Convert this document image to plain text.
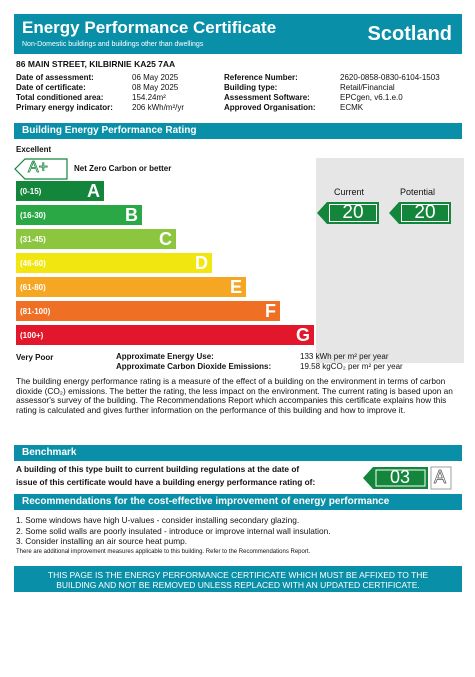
Energy Performance Certificate
Non-Domestic buildings and buildings other than dwellings	Scotland
86 MAIN STREET, KILBIRNIE KA25 7AA
Date of assessment:	06 May 2025
Date of certificate:	08 May 2025
Total conditioned area:	154.24m²
Primary energy indicator:	206 kWh/m²/yr
Reference Number:	2620-0858-0830-6104-1503
Building type:	Retail/Financial
Assessment Software:	EPCgen, v6.1.e.0
Approved Organisation:	ECMK
Building Energy Performance Rating
Current	Potential
20	20
Excellent
A+	Net Zero Carbon or better
(0-15)	A
(16-30)	B
(31-45)	C
(46-60)	D
(61-80)	E
(81-100)	F
(100+)	G
Very Poor	Approximate Energy Use:	133 kWh per m² per year
Approximate Carbon Dioxide Emissions:	19.58 kgCO₂ per m² per year
The building energy performance rating is a measure of the effect of a building on the environment in terms of carbon dioxide (CO₂) emissions. The better the rating, the less impact on the environment. The current rating is based upon an assessor's survey of the building. The Recommendations Report which accompanies this certificate explains how this rating is calculated and gives further information on the performance of this building and how to improve it.
Benchmark
A building of this type built to current building regulations at the date of
issue of this certificate would have a building energy performance rating of:	03 A
Recommendations for the cost-effective improvement of energy performance
1. Some windows have high U-values - consider installing secondary glazing.
2. Some solid walls are poorly insulated - introduce or improve internal wall insulation.
3. Consider installing an air source heat pump.
There are additional improvement measures applicable to this building. Refer to the Recommendations Report.
THIS PAGE IS THE ENERGY PERFORMANCE CERTIFICATE WHICH MUST BE AFFIXED TO THE
BUILDING AND NOT BE REMOVED UNLESS REPLACED WITH AN UPDATED CERTIFICATE.
